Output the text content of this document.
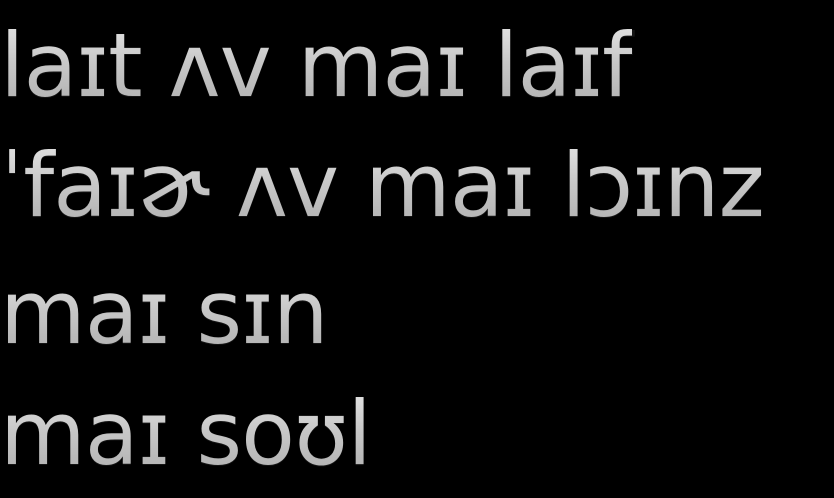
laɪt ʌv maɪ laɪf

ˈfaɪɚ ʌv maɪ lɔɪnz

maɪ sɪn

maɪ soʊl
